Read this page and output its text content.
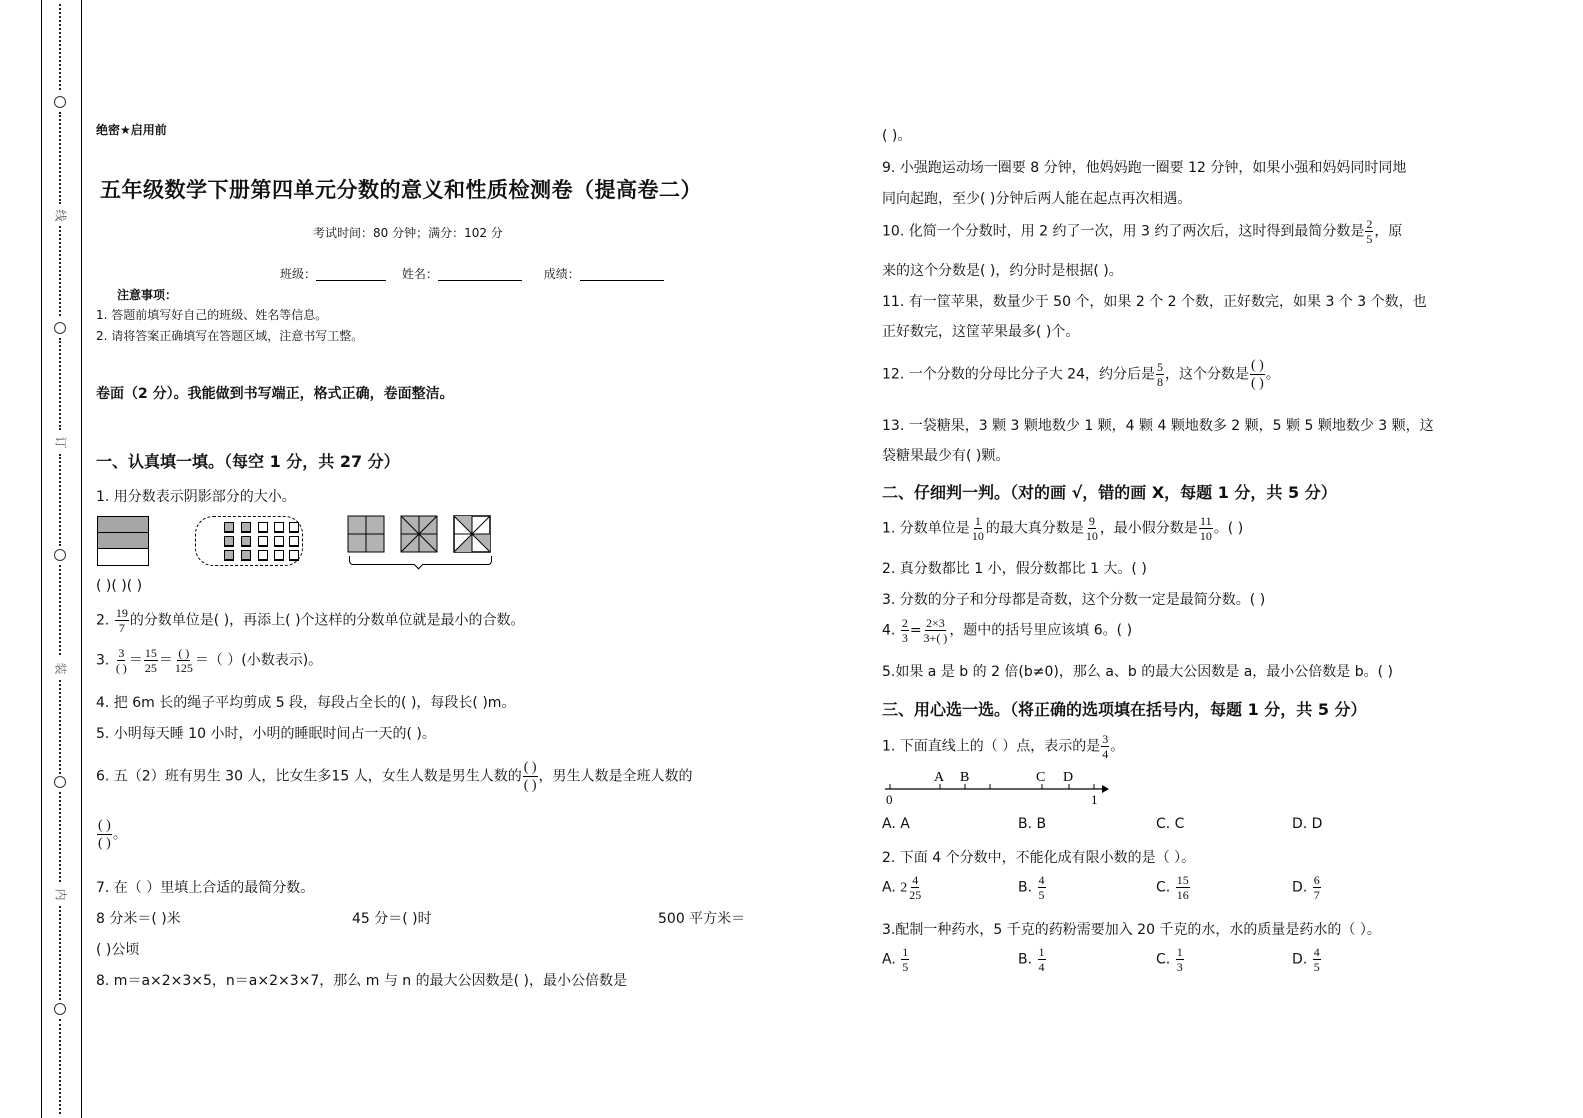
线
订
装
内
绝密★启用前
五年级数学下册第四单元分数的意义和性质检测卷（提高卷二）
考试时间：80 分钟；满分：102 分
班级：	姓名：	成绩：
注意事项：
1. 答题前填写好自己的班级、姓名等信息。
2. 请将答案正确填写在答题区域，注意书写工整。
卷面（2 分）。我能做到书写端正，格式正确，卷面整洁。
一、认真填一填。（每空 1 分，共 27 分）
1. 用分数表示阴影部分的大小。
( )( )( )
2. $\frac{19}{7}$ 的分数单位是( )，再添上( )个这样的分数单位就是最小的合数。
3. $\frac{3}{( )} = \frac{15}{25} = \frac{( )}{125}$ ＝（ ）(小数表示)。
4. 把 6m 长的绳子平均剪成 5 段，每段占全长的( )，每段长( )m。
5. 小明每天睡 10 小时，小明的睡眠时间占一天的( )。
6. 五（2）班有男生 30 人，比女生多15 人，女生人数是男生人数的 $\frac{( )}{( )}$ ，男生人数是全班人数的
$\frac{( )}{( )}$ 。
7. 在（ ）里填上合适的最简分数。
8 分米＝( )米	45 分＝( )时	500 平方米＝
( )公顷
8. m＝a×2×3×5，n＝a×2×3×7，那么 m 与 n 的最大公因数是( )，最小公倍数是
( )。
9. 小强跑运动场一圈要 8 分钟，他妈妈跑一圈要 12 分钟，如果小强和妈妈同时同地
同向起跑，至少( )分钟后两人能在起点再次相遇。
10. 化简一个分数时，用 2 约了一次，用 3 约了两次后，这时得到最简分数是 $\frac{2}{5}$ ，原
来的这个分数是( )，约分时是根据( )。
11. 有一筐苹果，数量少于 50 个，如果 2 个 2 个数，正好数完，如果 3 个 3 个数，也
正好数完，这筐苹果最多( )个。
12. 一个分数的分母比分子大 24，约分后是 $\frac{5}{8}$ ，这个分数是 $\frac{( )}{( )}$ 。
13. 一袋糖果，3 颗 3 颗地数少 1 颗，4 颗 4 颗地数多 2 颗，5 颗 5 颗地数少 3 颗，这
袋糖果最少有( )颗。
二、仔细判一判。（对的画 √，错的画 X，每题 1 分，共 5 分）
1. 分数单位是 $\frac{1}{10}$ 的最大真分数是 $\frac{9}{10}$ ，最小假分数是 $\frac{11}{10}$ 。( )
2. 真分数都比 1 小，假分数都比 1 大。( )
3. 分数的分子和分母都是奇数，这个分数一定是最简分数。( )
4. $\frac{2}{3} = \frac{2\times 3}{3+( )}$ ，题中的括号里应该填 6。( )
5.如果 a 是 b 的 2 倍(b≠0)，那么 a、b 的最大公因数是 a，最小公倍数是 b。( )
三、用心选一选。（将正确的选项填在括号内，每题 1 分，共 5 分）
1. 下面直线上的（ ）点，表示的是 $\frac{3}{4}$ 。
0	1
A B	C D
A. A	B. B	C. C	D. D
2. 下面 4 个分数中，不能化成有限小数的是（ ）。
A. $2 \frac{4}{25}$	B. $\frac{4}{5}$	C. $\frac{15}{16}$	D. $\frac{6}{7}$
3.配制一种药水，5 千克的药粉需要加入 20 千克的水，水的质量是药水的（ ）。
A. $\frac{1}{5}$	B. $\frac{1}{4}$	C. $\frac{1}{3}$	D. $\frac{4}{5}$
